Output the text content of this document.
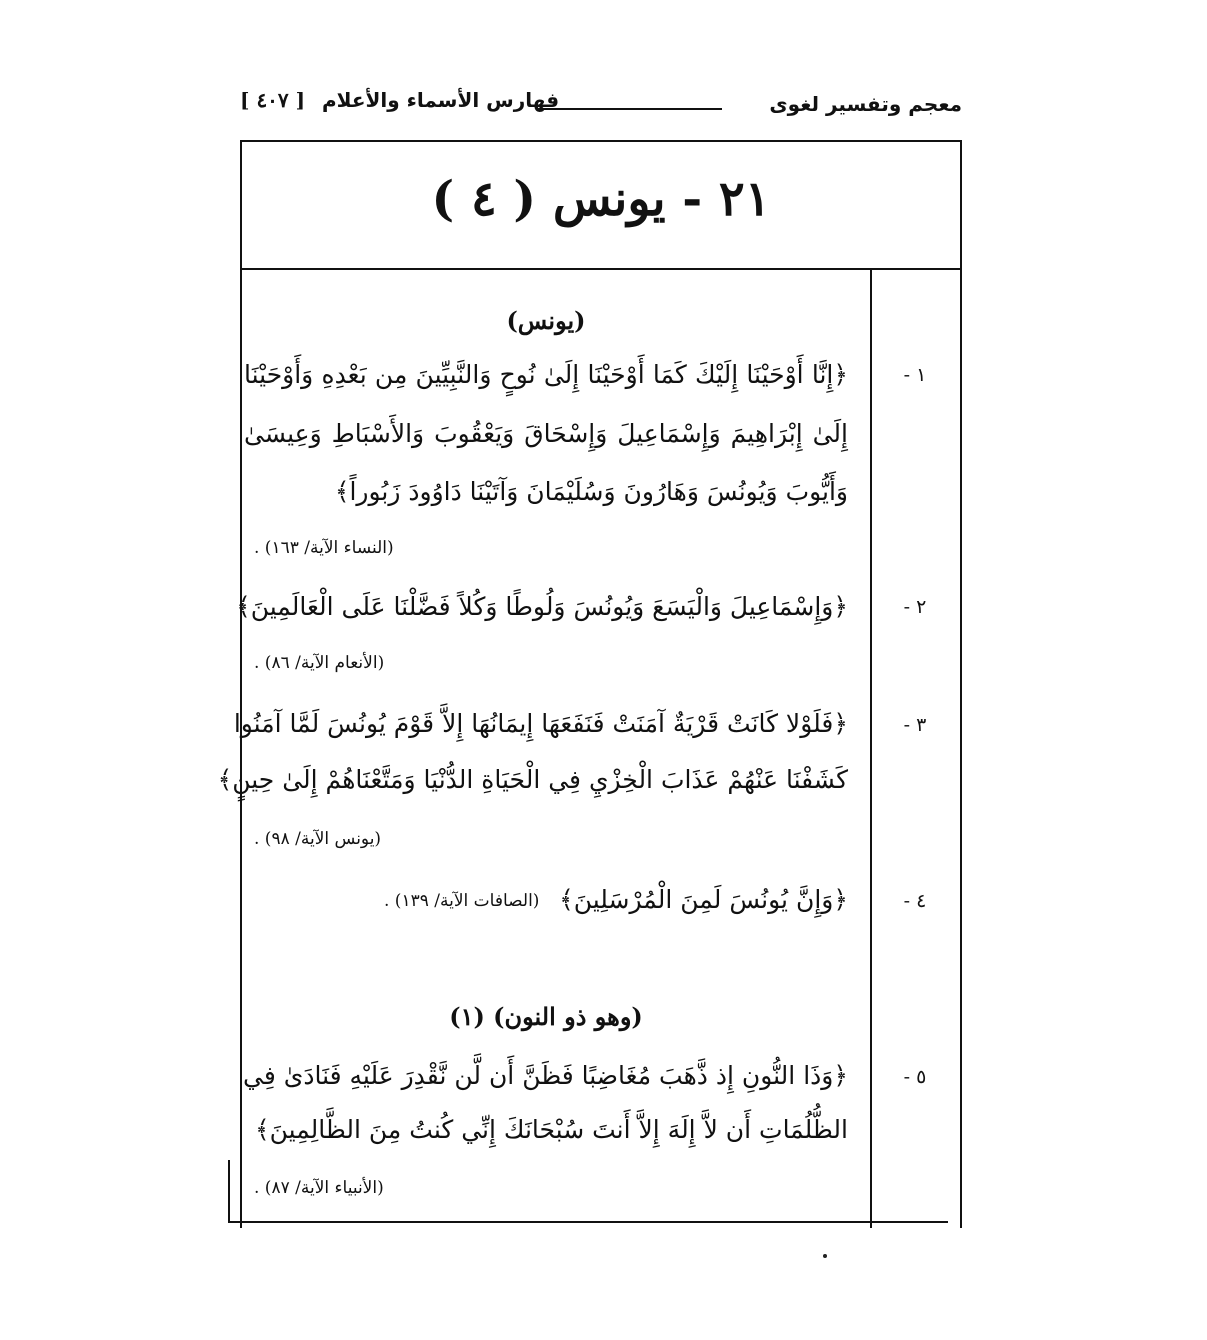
[ ٤٠٧ ] فهارس الأسماء والأعلام	معجم وتفسير لغوى
٢١ - يونس ( ٤ )
(يونس)
﴿إِنَّا أَوْحَيْنَا إِلَيْكَ كَمَا أَوْحَيْنَا إِلَىٰ نُوحٍ وَالنَّبِيِّينَ مِن بَعْدِهِ وَأَوْحَيْنَا
إِلَىٰ إِبْرَاهِيمَ وَإِسْمَاعِيلَ وَإِسْحَاقَ وَيَعْقُوبَ وَالأَسْبَاطِ وَعِيسَىٰ
وَأَيُّوبَ وَيُونُسَ وَهَارُونَ وَسُلَيْمَانَ وَآتَيْنَا دَاوُودَ زَبُوراً﴾
(النساء الآية/ ١٦٣) .
﴿وَإِسْمَاعِيلَ وَالْيَسَعَ وَيُونُسَ وَلُوطًا وَكُلاً فَضَّلْنَا عَلَى الْعَالَمِينَ﴾
(الأنعام الآية/ ٨٦) .
﴿فَلَوْلا كَانَتْ قَرْيَةٌ آمَنَتْ فَنَفَعَهَا إِيمَانُهَا إِلاَّ قَوْمَ يُونُسَ لَمَّا آمَنُوا
كَشَفْنَا عَنْهُمْ عَذَابَ الْخِزْيِ فِي الْحَيَاةِ الدُّنْيَا وَمَتَّعْنَاهُمْ إِلَىٰ حِينٍ﴾
(يونس الآية/ ٩٨) .
﴿وَإِنَّ يُونُسَ لَمِنَ الْمُرْسَلِينَ﴾
(الصافات الآية/ ١٣٩) .
(وهو ذو النون) (١)
﴿وَذَا النُّونِ إِذ ذَّهَبَ مُغَاضِبًا فَظَنَّ أَن لَّن نَّقْدِرَ عَلَيْهِ فَنَادَىٰ فِي
الظُّلُمَاتِ أَن لاَّ إِلَهَ إِلاَّ أَنتَ سُبْحَانَكَ إِنِّي كُنتُ مِنَ الظَّالِمِينَ﴾
(الأنبياء الآية/ ٨٧) .
١ -
٢ -
٣ -
٤ -
٥ -
